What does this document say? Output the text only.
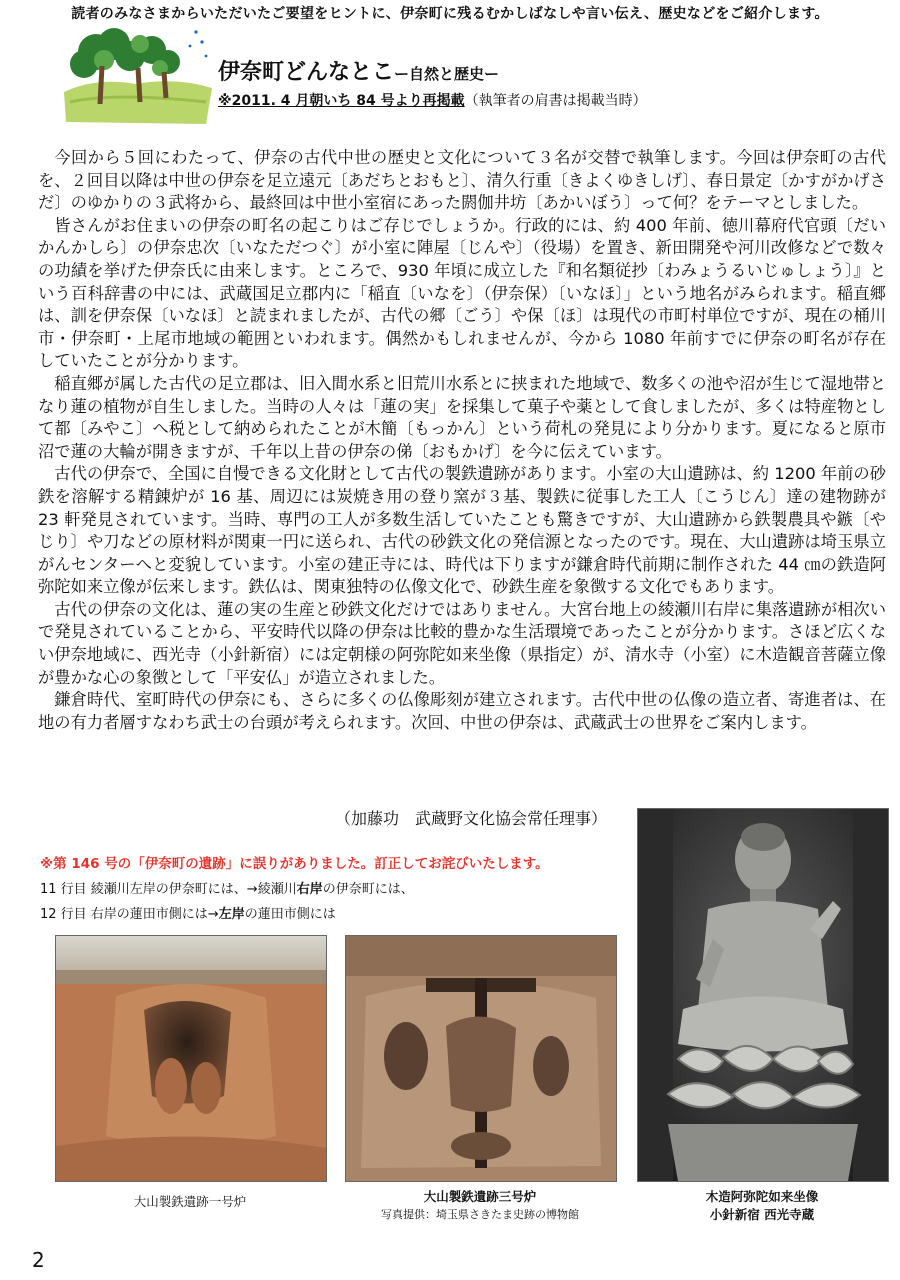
読者のみなさまからいただいたご要望をヒントに、伊奈町に残るむかしばなしや言い伝え、歴史などをご紹介します。
伊奈町どんなとこー自然と歴史ー
※2011. 4 月朝いち 84 号より再掲載（執筆者の肩書は掲載当時）

今回から５回にわたって、伊奈の古代中世の歴史と文化について３名が交替で執筆します。今回は伊奈町の古代を、２回目以降は中世の伊奈を足立遠元〔あだちとおもと〕、清久行重〔きよくゆきしげ〕、春日景定〔かすがかげさだ〕のゆかりの３武将から、最終回は中世小室宿にあった閼伽井坊〔あかいぼう〕って何？をテーマとしました。

皆さんがお住まいの伊奈の町名の起こりはご存じでしょうか。行政的には、約 400 年前、徳川幕府代官頭〔だいかんかしら〕の伊奈忠次〔いなただつぐ〕が小室に陣屋〔じんや〕（役場）を置き、新田開発や河川改修などで数々の功績を挙げた伊奈氏に由来します。ところで、930 年頃に成立した『和名類従抄〔わみょうるいじゅしょう〕』という百科辞書の中には、武蔵国足立郡内に「稲直〔いなを〕（伊奈保）〔いなほ〕」という地名がみられます。稲直郷は、訓を伊奈保〔いなほ〕と読まれましたが、古代の郷〔ごう〕や保〔ほ〕は現代の市町村単位ですが、現在の桶川市・伊奈町・上尾市地域の範囲といわれます。偶然かもしれませんが、今から 1080 年前すでに伊奈の町名が存在していたことが分かります。

稲直郷が属した古代の足立郡は、旧入間水系と旧荒川水系とに挟まれた地域で、数多くの池や沼が生じて湿地帯となり蓮の植物が自生しました。当時の人々は「蓮の実」を採集して菓子や薬として食しましたが、多くは特産物として都〔みやこ〕へ税として納められたことが木簡〔もっかん〕という荷札の発見により分かります。夏になると原市沼で蓮の大輪が開きますが、千年以上昔の伊奈の俤〔おもかげ〕を今に伝えています。

古代の伊奈で、全国に自慢できる文化財として古代の製鉄遺跡があります。小室の大山遺跡は、約 1200 年前の砂鉄を溶解する精錬炉が 16 基、周辺には炭焼き用の登り窯が３基、製鉄に従事した工人〔こうじん〕達の建物跡が 23 軒発見されています。当時、専門の工人が多数生活していたことも驚きですが、大山遺跡から鉄製農具や鏃〔やじり〕や刀などの原材料が関東一円に送られ、古代の砂鉄文化の発信源となったのです。現在、大山遺跡は埼玉県立がんセンターへと変貌しています。小室の建正寺には、時代は下りますが鎌倉時代前期に制作された 44 ㎝の鉄造阿弥陀如来立像が伝来します。鉄仏は、関東独特の仏像文化で、砂鉄生産を象徴する文化でもあります。

古代の伊奈の文化は、蓮の実の生産と砂鉄文化だけではありません。大宮台地上の綾瀬川右岸に集落遺跡が相次いで発見されていることから、平安時代以降の伊奈は比較的豊かな生活環境であったことが分かります。さほど広くない伊奈地域に、西光寺（小針新宿）には定朝様の阿弥陀如来坐像（県指定）が、清水寺（小室）に木造観音菩薩立像が豊かな心の象徴として「平安仏」が造立されました。

鎌倉時代、室町時代の伊奈にも、さらに多くの仏像彫刻が建立されます。古代中世の仏像の造立者、寄進者は、在地の有力者層すなわち武士の台頭が考えられます。次回、中世の伊奈は、武蔵武士の世界をご案内します。

（加藤功　武蔵野文化協会常任理事）
※第 146 号の「伊奈町の遺跡」に誤りがありました。訂正してお詫びいたします。
11 行目 綾瀬川左岸の伊奈町には、→綾瀬川右岸の伊奈町には、
12 行目 右岸の蓮田市側には→左岸の蓮田市側には
大山製鉄遺跡一号炉	大山製鉄遺跡三号炉
写真提供：埼玉県さきたま史跡の博物館
木造阿弥陀如来坐像
小針新宿 西光寺蔵
2
